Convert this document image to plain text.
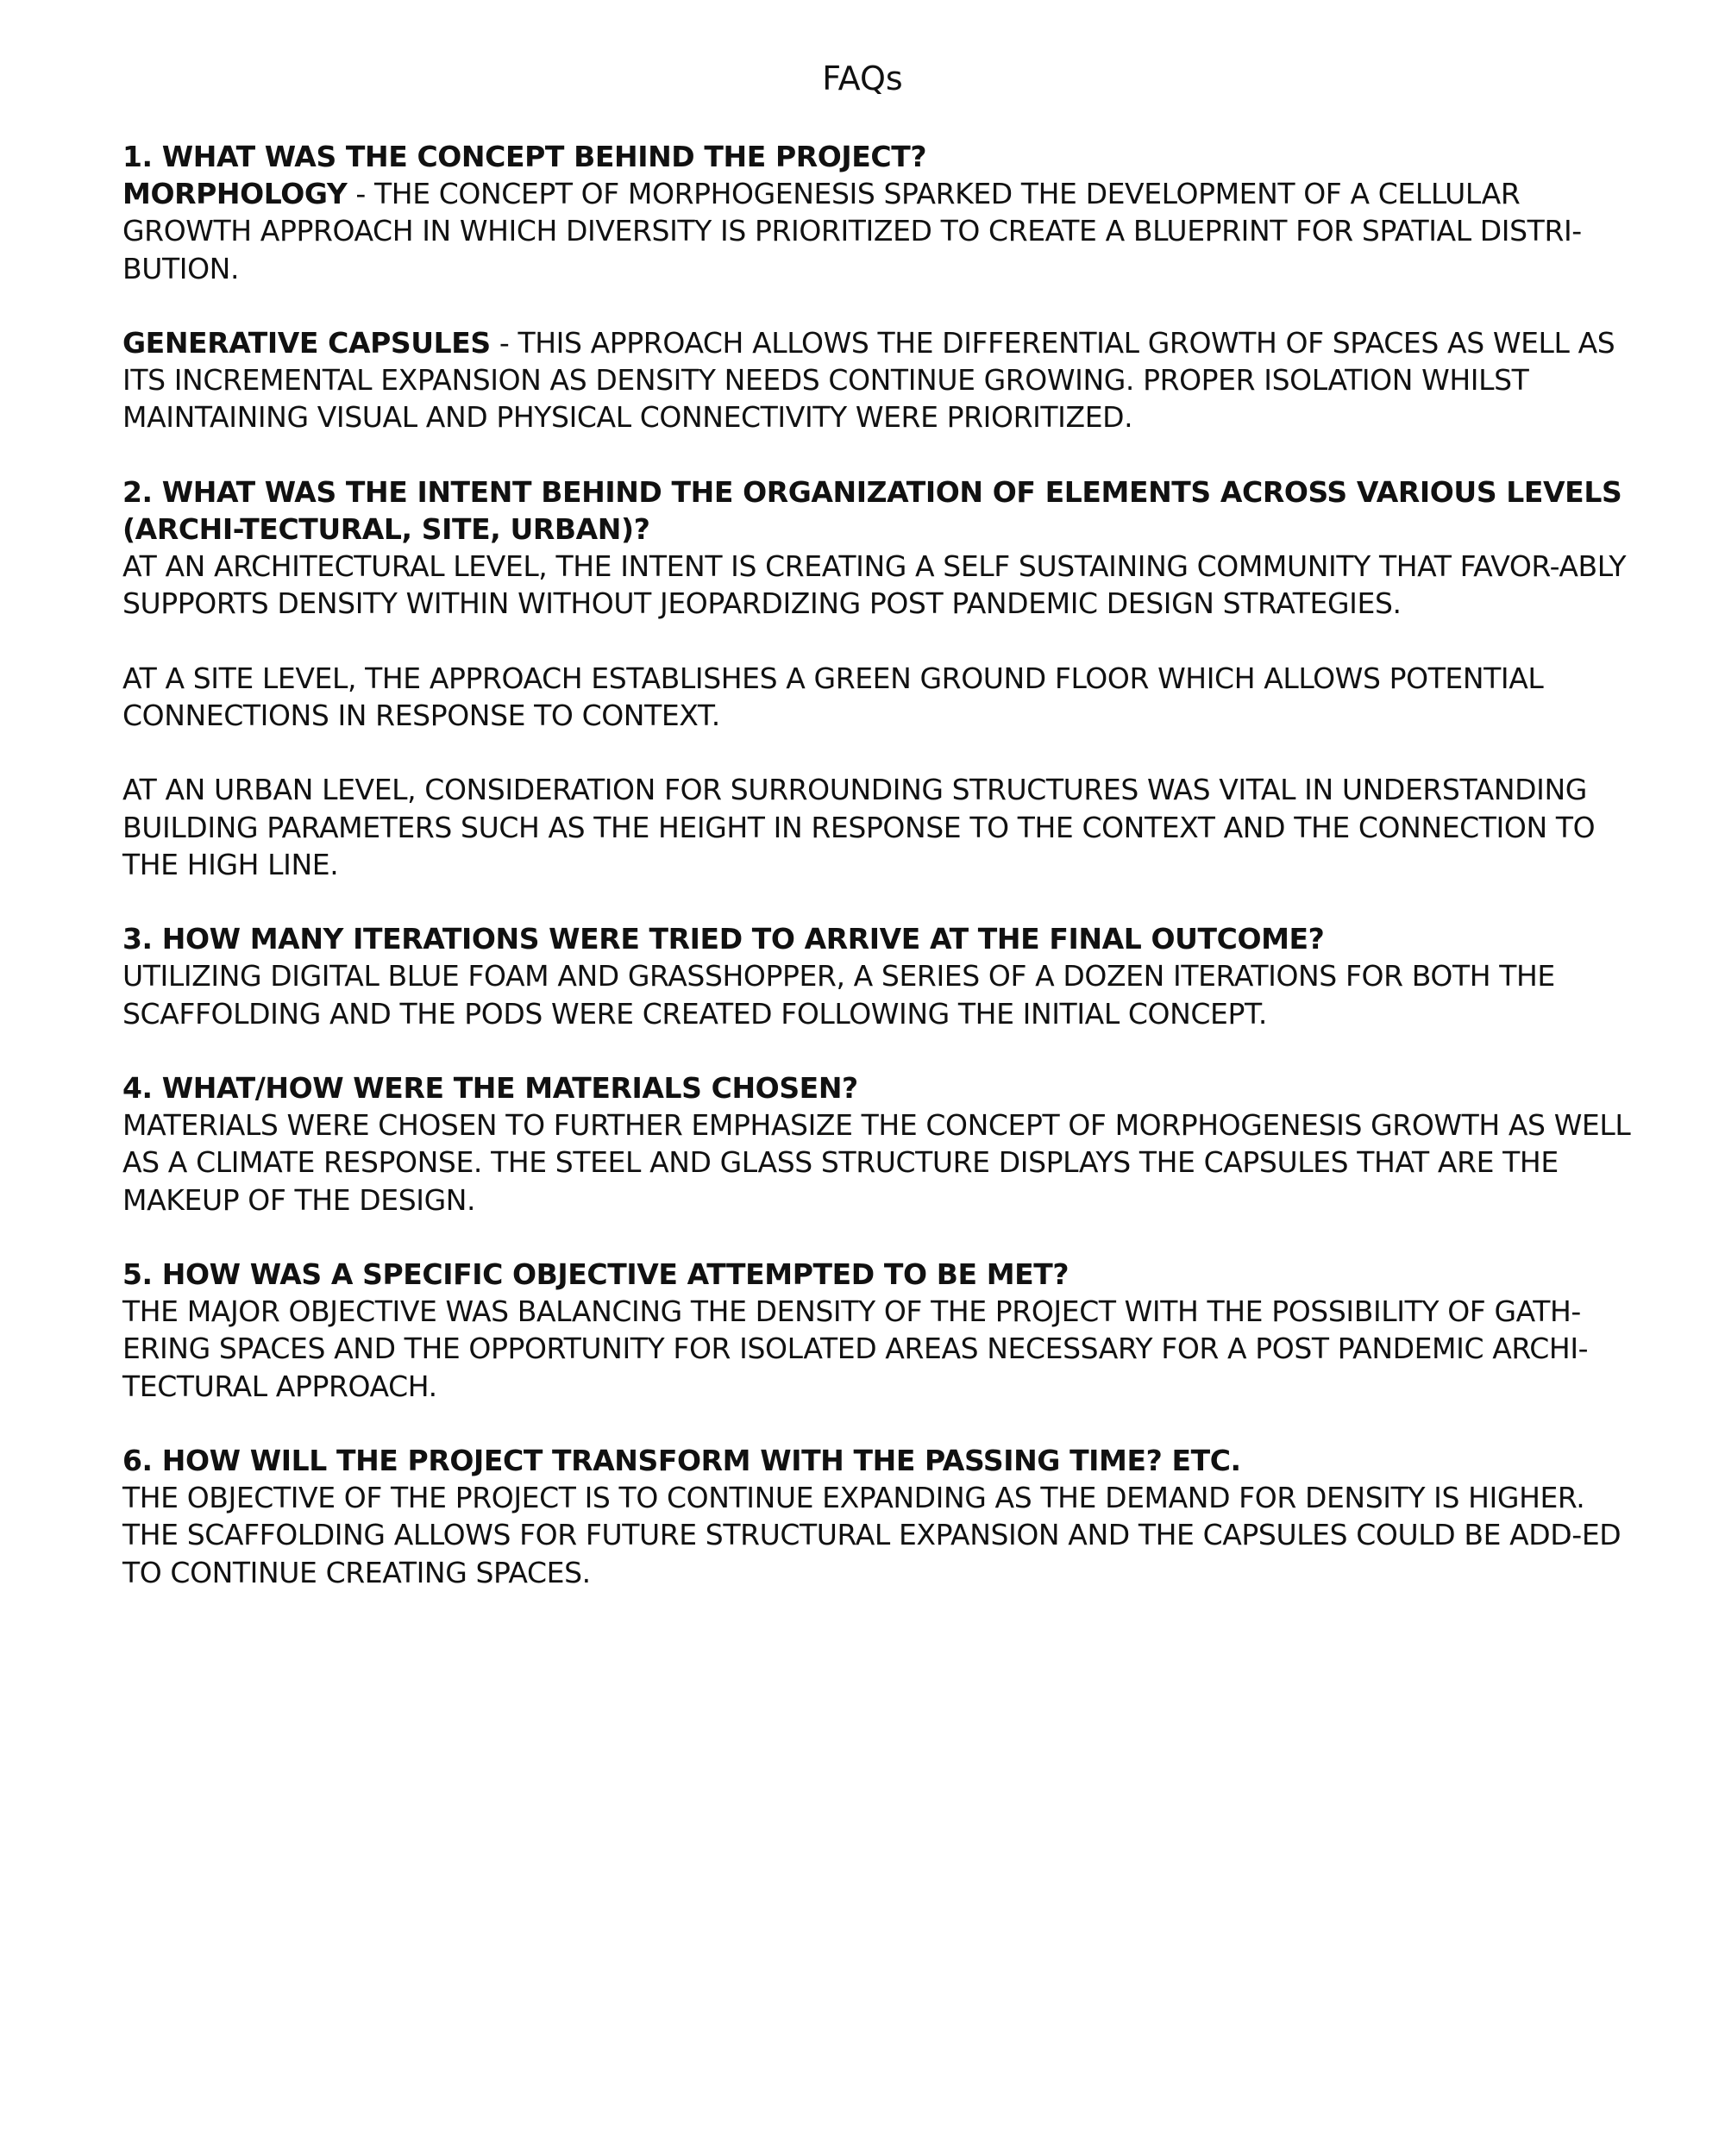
FAQs

1. WHAT WAS THE CONCEPT BEHIND THE PROJECT?

MORPHOLOGY - THE CONCEPT OF MORPHOGENESIS SPARKED THE DEVELOPMENT OF A CELLULAR GROWTH APPROACH IN WHICH DIVERSITY IS PRIORITIZED TO CREATE A BLUEPRINT FOR SPATIAL DISTRI-BUTION.

GENERATIVE CAPSULES - THIS APPROACH ALLOWS THE DIFFERENTIAL GROWTH OF SPACES AS WELL AS ITS INCREMENTAL EXPANSION AS DENSITY NEEDS CONTINUE GROWING. PROPER ISOLATION WHILST MAINTAINING VISUAL AND PHYSICAL CONNECTIVITY WERE PRIORITIZED.

2. WHAT WAS THE INTENT BEHIND THE ORGANIZATION OF ELEMENTS ACROSS VARIOUS LEVELS (ARCHI-TECTURAL, SITE, URBAN)?

AT AN ARCHITECTURAL LEVEL, THE INTENT IS CREATING A SELF SUSTAINING COMMUNITY THAT FAVOR-ABLY SUPPORTS DENSITY WITHIN WITHOUT JEOPARDIZING POST PANDEMIC DESIGN STRATEGIES.

AT A SITE LEVEL, THE APPROACH ESTABLISHES A GREEN GROUND FLOOR WHICH ALLOWS POTENTIAL CONNECTIONS IN RESPONSE TO CONTEXT.

AT AN URBAN LEVEL, CONSIDERATION FOR SURROUNDING STRUCTURES WAS VITAL IN UNDERSTANDING BUILDING PARAMETERS SUCH AS THE HEIGHT IN RESPONSE TO THE CONTEXT AND THE CONNECTION TO THE HIGH LINE.

3. HOW MANY ITERATIONS WERE TRIED TO ARRIVE AT THE FINAL OUTCOME?

UTILIZING DIGITAL BLUE FOAM AND GRASSHOPPER, A SERIES OF A DOZEN ITERATIONS FOR BOTH THE SCAFFOLDING AND THE PODS WERE CREATED FOLLOWING THE INITIAL CONCEPT.

4. WHAT/HOW WERE THE MATERIALS CHOSEN?

MATERIALS WERE CHOSEN TO FURTHER EMPHASIZE THE CONCEPT OF MORPHOGENESIS GROWTH AS WELL AS A CLIMATE RESPONSE. THE STEEL AND GLASS STRUCTURE DISPLAYS THE CAPSULES THAT ARE THE MAKEUP OF THE DESIGN.

5. HOW WAS A SPECIFIC OBJECTIVE ATTEMPTED TO BE MET?

THE MAJOR OBJECTIVE WAS BALANCING THE DENSITY OF THE PROJECT WITH THE POSSIBILITY OF GATH-ERING SPACES AND THE OPPORTUNITY FOR ISOLATED AREAS NECESSARY FOR A POST PANDEMIC ARCHI-TECTURAL APPROACH.

6. HOW WILL THE PROJECT TRANSFORM WITH THE PASSING TIME? ETC.

THE OBJECTIVE OF THE PROJECT IS TO CONTINUE EXPANDING AS THE DEMAND FOR DENSITY IS HIGHER. THE SCAFFOLDING ALLOWS FOR FUTURE STRUCTURAL EXPANSION AND THE CAPSULES COULD BE ADD-ED TO CONTINUE CREATING SPACES.
